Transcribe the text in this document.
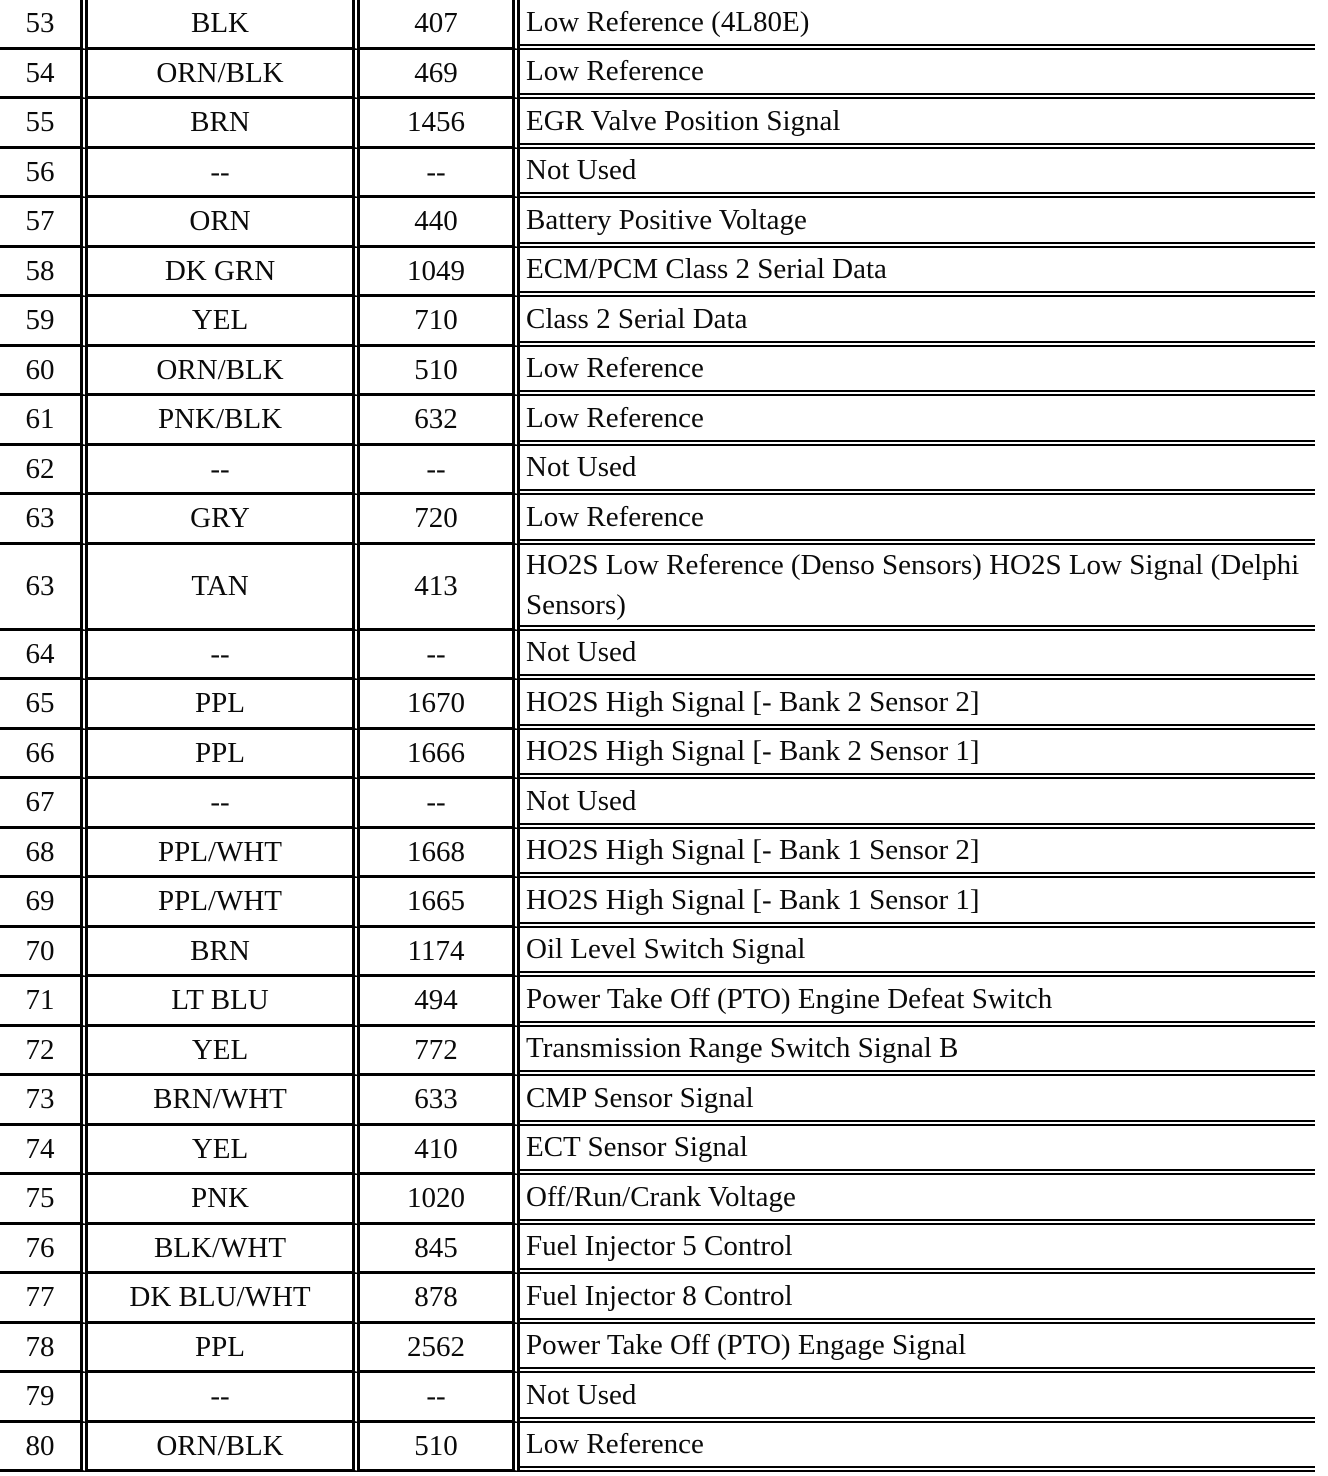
53	BLK	407	Low Reference (4L80E)
54	ORN/BLK	469	Low Reference
55	BRN	1456	EGR Valve Position Signal
56	--	--	Not Used
57	ORN	440	Battery Positive Voltage
58	DK GRN	1049	ECM/PCM Class 2 Serial Data
59	YEL	710	Class 2 Serial Data
60	ORN/BLK	510	Low Reference
61	PNK/BLK	632	Low Reference
62	--	--	Not Used
63	GRY	720	Low Reference
63	TAN	413	HO2S Low Reference (Denso Sensors) HO2S Low Signal (Delphi Sensors)
64	--	--	Not Used
65	PPL	1670	HO2S High Signal [- Bank 2 Sensor 2]
66	PPL	1666	HO2S High Signal [- Bank 2 Sensor 1]
67	--	--	Not Used
68	PPL/WHT	1668	HO2S High Signal [- Bank 1 Sensor 2]
69	PPL/WHT	1665	HO2S High Signal [- Bank 1 Sensor 1]
70	BRN	1174	Oil Level Switch Signal
71	LT BLU	494	Power Take Off (PTO) Engine Defeat Switch
72	YEL	772	Transmission Range Switch Signal B
73	BRN/WHT	633	CMP Sensor Signal
74	YEL	410	ECT Sensor Signal
75	PNK	1020	Off/Run/Crank Voltage
76	BLK/WHT	845	Fuel Injector 5 Control
77	DK BLU/WHT	878	Fuel Injector 8 Control
78	PPL	2562	Power Take Off (PTO) Engage Signal
79	--	--	Not Used
80	ORN/BLK	510	Low Reference
